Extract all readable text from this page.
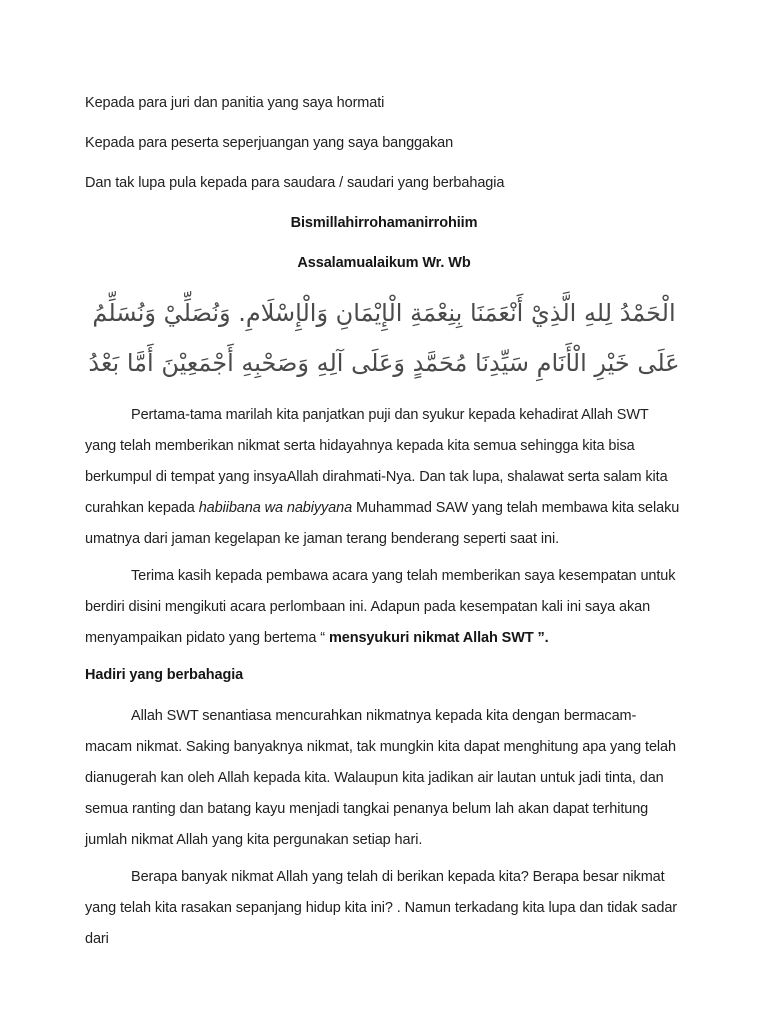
Kepada para juri dan panitia yang saya hormati

Kepada para peserta seperjuangan yang saya banggakan

Dan tak lupa pula kepada para saudara / saudari yang berbahagia

Bismillahirrohamanirrohiim

Assalamualaikum Wr. Wb

الْحَمْدُ لِلهِ الَّذِيْ أَنْعَمَنَا بِنِعْمَةِ الْإِيْمَانِ وَالْإِسْلَامِ. وَنُصَلِّيْ وَنُسَلِّمُ
عَلَى خَيْرِ الْأَنَامِ سَيِّدِنَا مُحَمَّدٍ وَعَلَى آلِهِ وَصَحْبِهِ أَجْمَعِيْنَ أَمَّا بَعْدُ

Pertama-tama marilah kita panjatkan puji dan syukur kepada kehadirat Allah SWT yang telah memberikan nikmat serta hidayahnya kepada kita semua sehingga kita bisa berkumpul di tempat yang insyaAllah dirahmati-Nya. Dan tak lupa, shalawat serta salam kita curahkan kepada habiibana wa nabiyyana Muhammad SAW yang telah membawa kita selaku umatnya dari jaman kegelapan ke jaman terang benderang seperti saat ini.

Terima kasih kepada pembawa acara yang telah memberikan saya kesempatan untuk berdiri disini mengikuti acara perlombaan ini. Adapun pada kesempatan kali ini saya akan menyampaikan pidato yang bertema “ mensyukuri nikmat Allah SWT ”.

Hadiri yang berbahagia

Allah SWT senantiasa mencurahkan nikmatnya kepada kita dengan bermacam-macam nikmat. Saking banyaknya nikmat, tak mungkin kita dapat menghitung apa yang telah dianugerah kan oleh Allah kepada kita. Walaupun kita jadikan air lautan untuk jadi tinta, dan semua ranting dan batang kayu menjadi tangkai penanya belum lah akan dapat terhitung jumlah nikmat Allah yang kita pergunakan setiap hari.

Berapa banyak nikmat Allah yang telah di berikan kepada kita? Berapa besar nikmat yang telah kita rasakan sepanjang hidup kita ini? . Namun terkadang kita lupa dan tidak sadar dari
